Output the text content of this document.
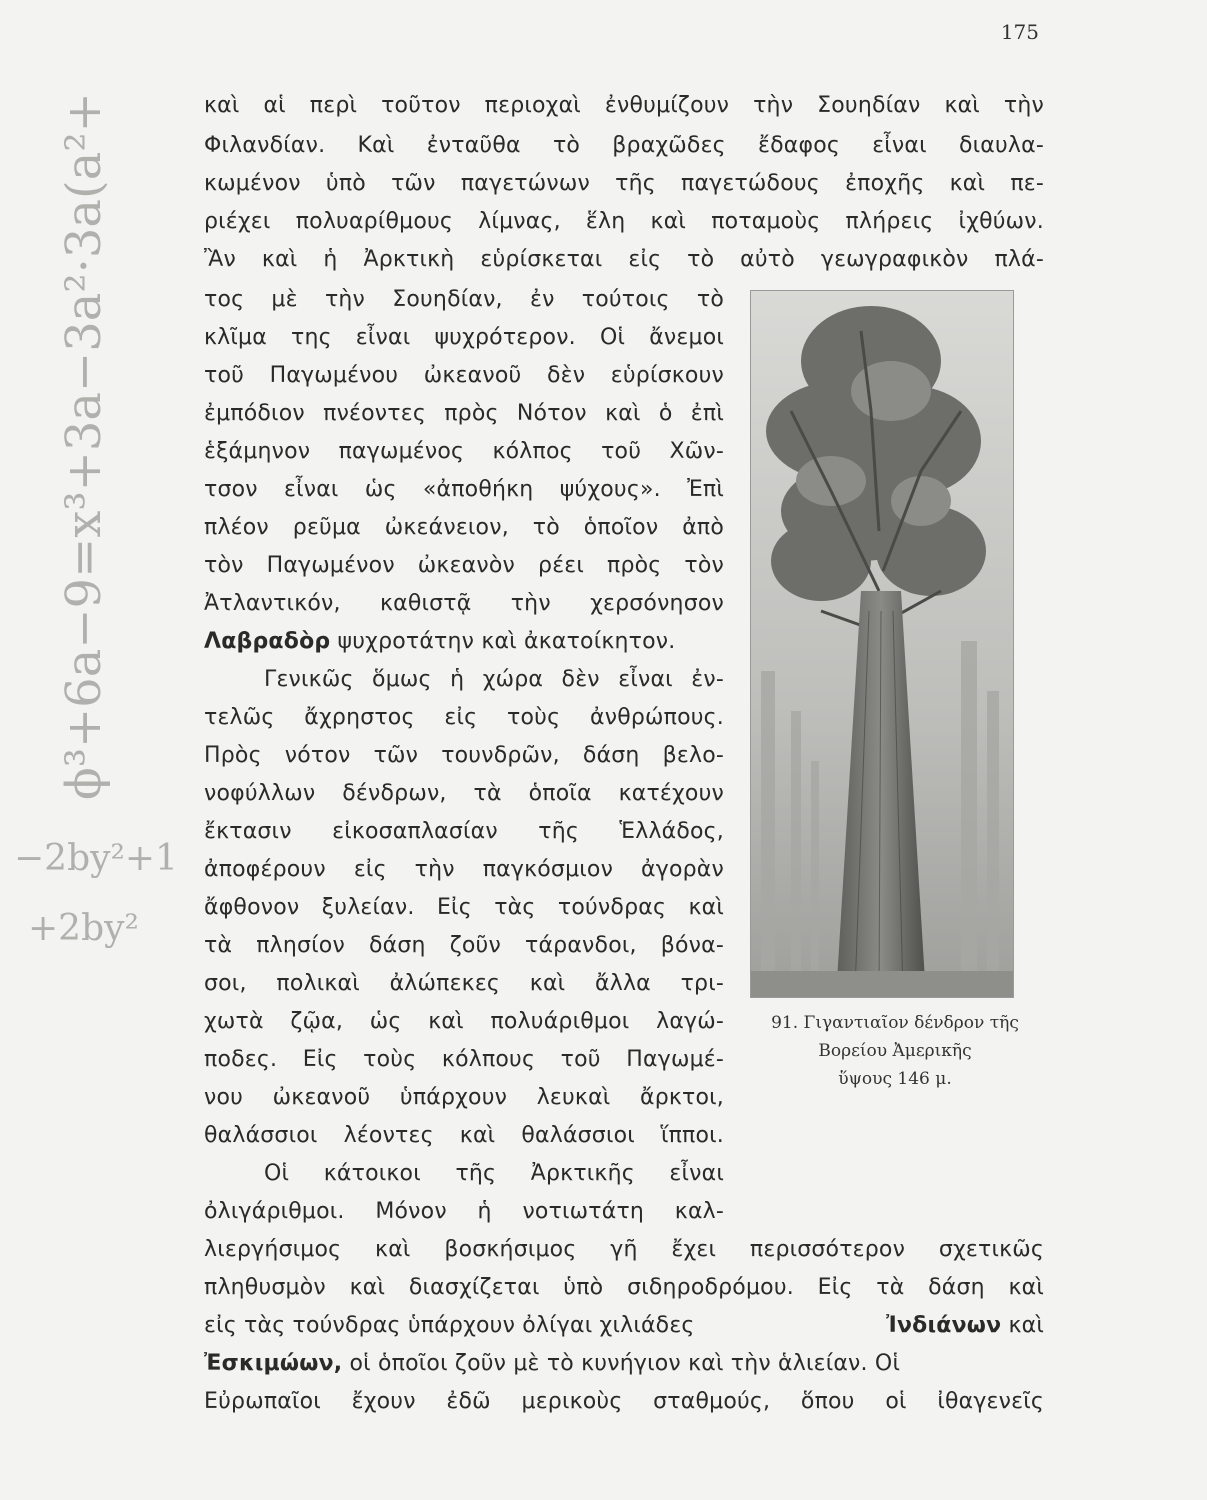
175
καὶ αἱ περὶ τοῦτον περιοχαὶ ἐνθυμίζουν τὴν Σουηδίαν καὶ τὴν
Φιλανδίαν. Καὶ ἐνταῦθα τὸ βραχῶδες ἔδαφος εἶναι διαυλα-
κωμένον ὑπὸ τῶν παγετώνων τῆς παγετώδους ἐποχῆς καὶ πε-
ριέχει πολυαρίθμους λίμνας, ἕλη καὶ ποταμοὺς πλήρεις ἰχθύων.
Ἂν καὶ ἡ Ἀρκτικὴ εὑρίσκεται εἰς τὸ αὐτὸ γεωγραφικὸν πλά-
τος μὲ τὴν Σουηδίαν, ἐν τούτοις τὸ
κλῖμα της εἶναι ψυχρότερον. Οἱ ἄνεμοι
τοῦ Παγωμένου ὠκεανοῦ δὲν εὑρίσκουν
ἐμπόδιον πνέοντες πρὸς Νότον καὶ ὁ ἐπὶ
ἑξάμηνον παγωμένος κόλπος τοῦ Χῶν-
τσον εἶναι ὡς «ἀποθήκη ψύχους». Ἐπὶ
πλέον ρεῦμα ὠκεάνειον, τὸ ὁποῖον ἀπὸ
τὸν Παγωμένον ὠκεανὸν ρέει πρὸς τὸν
Ἀτλαντικόν, καθιστᾷ τὴν χερσόνησον
Λαβραδὸρ ψυχροτάτην καὶ ἀκατοίκητον.
Γενικῶς ὅμως ἡ χώρα δὲν εἶναι ἐν-
τελῶς ἄχρηστος εἰς τοὺς ἀνθρώπους.
Πρὸς νότον τῶν τουνδρῶν, δάση βελο-
νοφύλλων δένδρων, τὰ ὁποῖα κατέχουν
ἔκτασιν εἰκοσαπλασίαν τῆς Ἑλλάδος,
ἀποφέρουν εἰς τὴν παγκόσμιον ἀγορὰν
ἄφθονον ξυλείαν. Εἰς τὰς τούνδρας καὶ
τὰ πλησίον δάση ζοῦν τάρανδοι, βόνα-
σοι, πολικαὶ ἀλώπεκες καὶ ἄλλα τρι-
χωτὰ ζῷα, ὡς καὶ πολυάριθμοι λαγώ-
ποδες. Εἰς τοὺς κόλπους τοῦ Παγωμέ-
νου ὠκεανοῦ ὑπάρχουν λευκαὶ ἄρκτοι,
θαλάσσιοι λέοντες καὶ θαλάσσιοι ἵπποι.
Οἱ κάτοικοι τῆς Ἀρκτικῆς εἶναι
ὀλιγάριθμοι. Μόνον ἡ νοτιωτάτη καλ-
λιεργήσιμος καὶ βοσκήσιμος γῆ ἔχει περισσότερον σχετικῶς
πληθυσμὸν καὶ διασχίζεται ὑπὸ σιδηροδρόμου. Εἰς τὰ δάση καὶ
εἰς τὰς τούνδρας ὑπάρχουν ὀλίγαι χιλιάδες	Ἰνδιάνων καὶ
Ἐσκιμώων, οἱ ὁποῖοι ζοῦν μὲ τὸ κυνήγιον καὶ τὴν ἁλιείαν. Οἱ
Εὐρωπαῖοι ἔχουν ἐδῶ μερικοὺς σταθμούς, ὅπου οἱ ἰθαγενεῖς
91. Γιγαντιαῖον δένδρον τῆς
Βορείου Ἀμερικῆς
ὕψους 146 μ.
ϕ³+6a−9=x³+3a−3a²·3a(a²+
−2by²+1
+2by²
